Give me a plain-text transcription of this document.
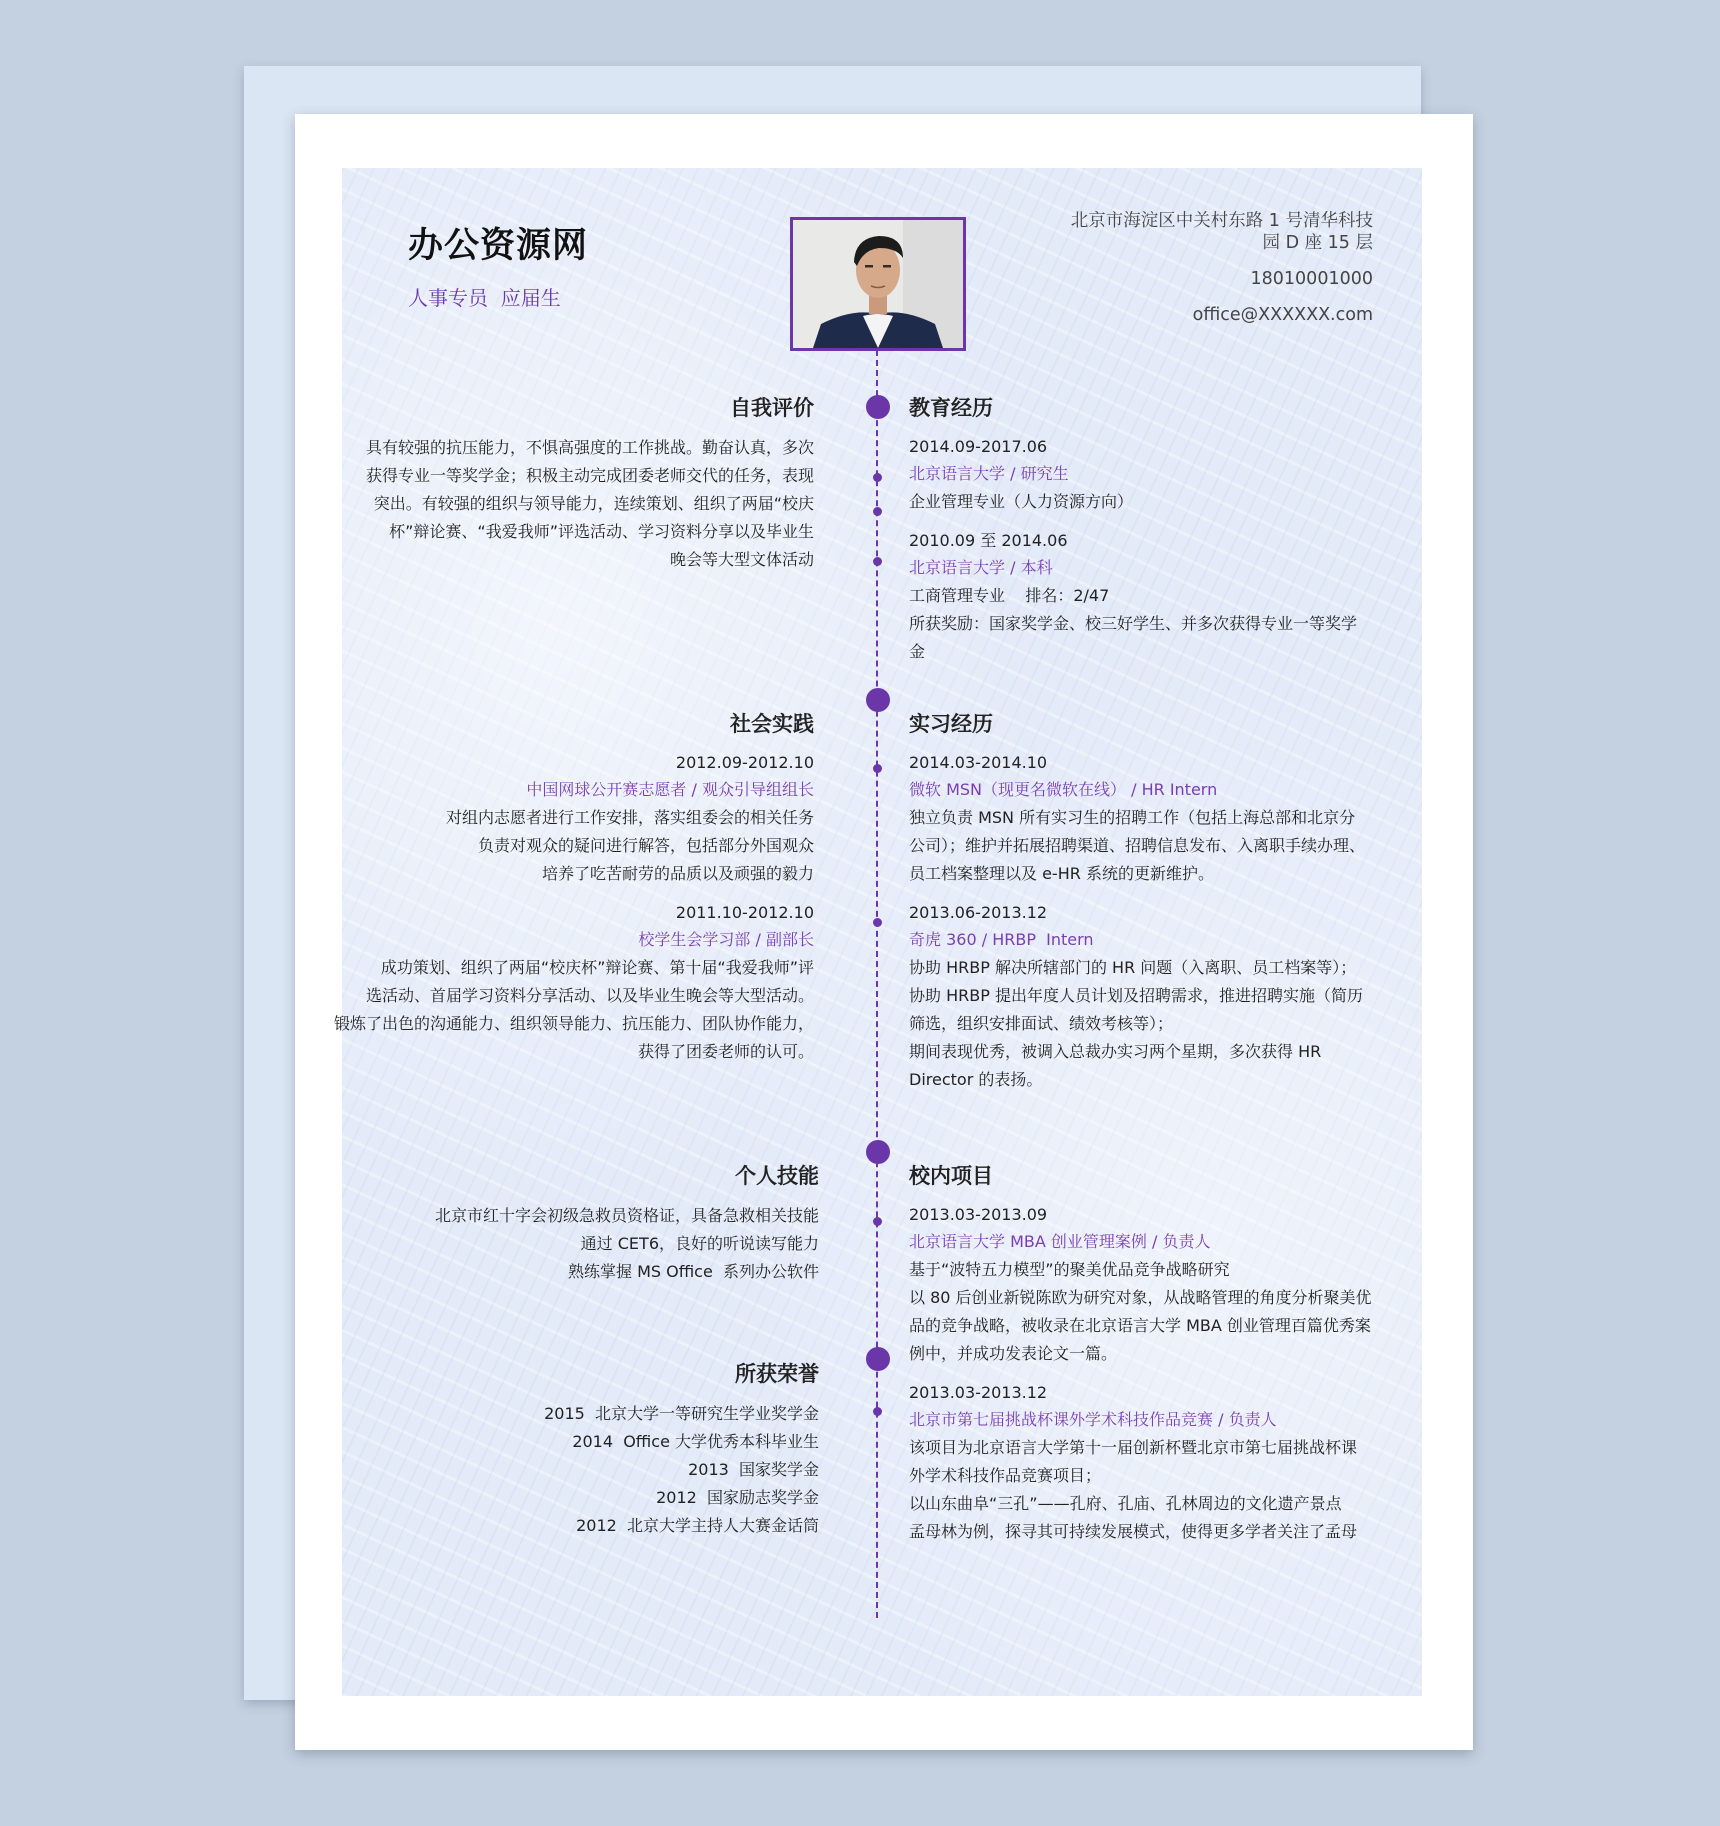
办公资源网
人事专员  应届生
北京市海淀区中关村东路 1 号清华科技
园 D 座 15 层
18010001000
office@XXXXXX.com
自我评价
具有较强的抗压能力，不惧高强度的工作挑战。勤奋认真，多次
获得专业一等奖学金；积极主动完成团委老师交代的任务，表现
突出。有较强的组织与领导能力，连续策划、组织了两届“校庆
杯”辩论赛、“我爱我师”评选活动、学习资料分享以及毕业生
晚会等大型文体活动
教育经历
2014.09-2017.06
北京语言大学 / 研究生
企业管理专业（人力资源方向）
2010.09 至 2014.06
北京语言大学 / 本科
工商管理专业    排名：2/47
所获奖励：国家奖学金、校三好学生、并多次获得专业一等奖学
金
社会实践
2012.09-2012.10
中国网球公开赛志愿者 / 观众引导组组长
对组内志愿者进行工作安排，落实组委会的相关任务
负责对观众的疑问进行解答，包括部分外国观众
培养了吃苦耐劳的品质以及顽强的毅力
2011.10-2012.10
校学生会学习部 / 副部长
成功策划、组织了两届“校庆杯”辩论赛、第十届“我爱我师”评
选活动、首届学习资料分享活动、以及毕业生晚会等大型活动。
锻炼了出色的沟通能力、组织领导能力、抗压能力、团队协作能力，
获得了团委老师的认可。
实习经历
2014.03-2014.10
微软 MSN（现更名微软在线） / HR Intern
独立负责 MSN 所有实习生的招聘工作（包括上海总部和北京分
公司）；维护并拓展招聘渠道、招聘信息发布、入离职手续办理、
员工档案整理以及 e-HR 系统的更新维护。
2013.06-2013.12
奇虎 360 / HRBP  Intern
协助 HRBP 解决所辖部门的 HR 问题（入离职、员工档案等）；
协助 HRBP 提出年度人员计划及招聘需求，推进招聘实施（简历
筛选，组织安排面试、绩效考核等）；
期间表现优秀，被调入总裁办实习两个星期，多次获得 HR
Director 的表扬。
个人技能
北京市红十字会初级急救员资格证，具备急救相关技能
通过 CET6，良好的听说读写能力
熟练掌握 MS Office  系列办公软件
所获荣誉
2015  北京大学一等研究生学业奖学金
2014  Office 大学优秀本科毕业生
2013  国家奖学金
2012  国家励志奖学金
2012  北京大学主持人大赛金话筒
校内项目
2013.03-2013.09
北京语言大学 MBA 创业管理案例 / 负责人
基于“波特五力模型”的聚美优品竞争战略研究
以 80 后创业新锐陈欧为研究对象，从战略管理的角度分析聚美优
品的竞争战略，被收录在北京语言大学 MBA 创业管理百篇优秀案
例中，并成功发表论文一篇。
2013.03-2013.12
北京市第七届挑战杯课外学术科技作品竞赛 / 负责人
该项目为北京语言大学第十一届创新杯暨北京市第七届挑战杯课
外学术科技作品竞赛项目；
以山东曲阜“三孔”——孔府、孔庙、孔林周边的文化遗产景点
孟母林为例，探寻其可持续发展模式，使得更多学者关注了孟母
